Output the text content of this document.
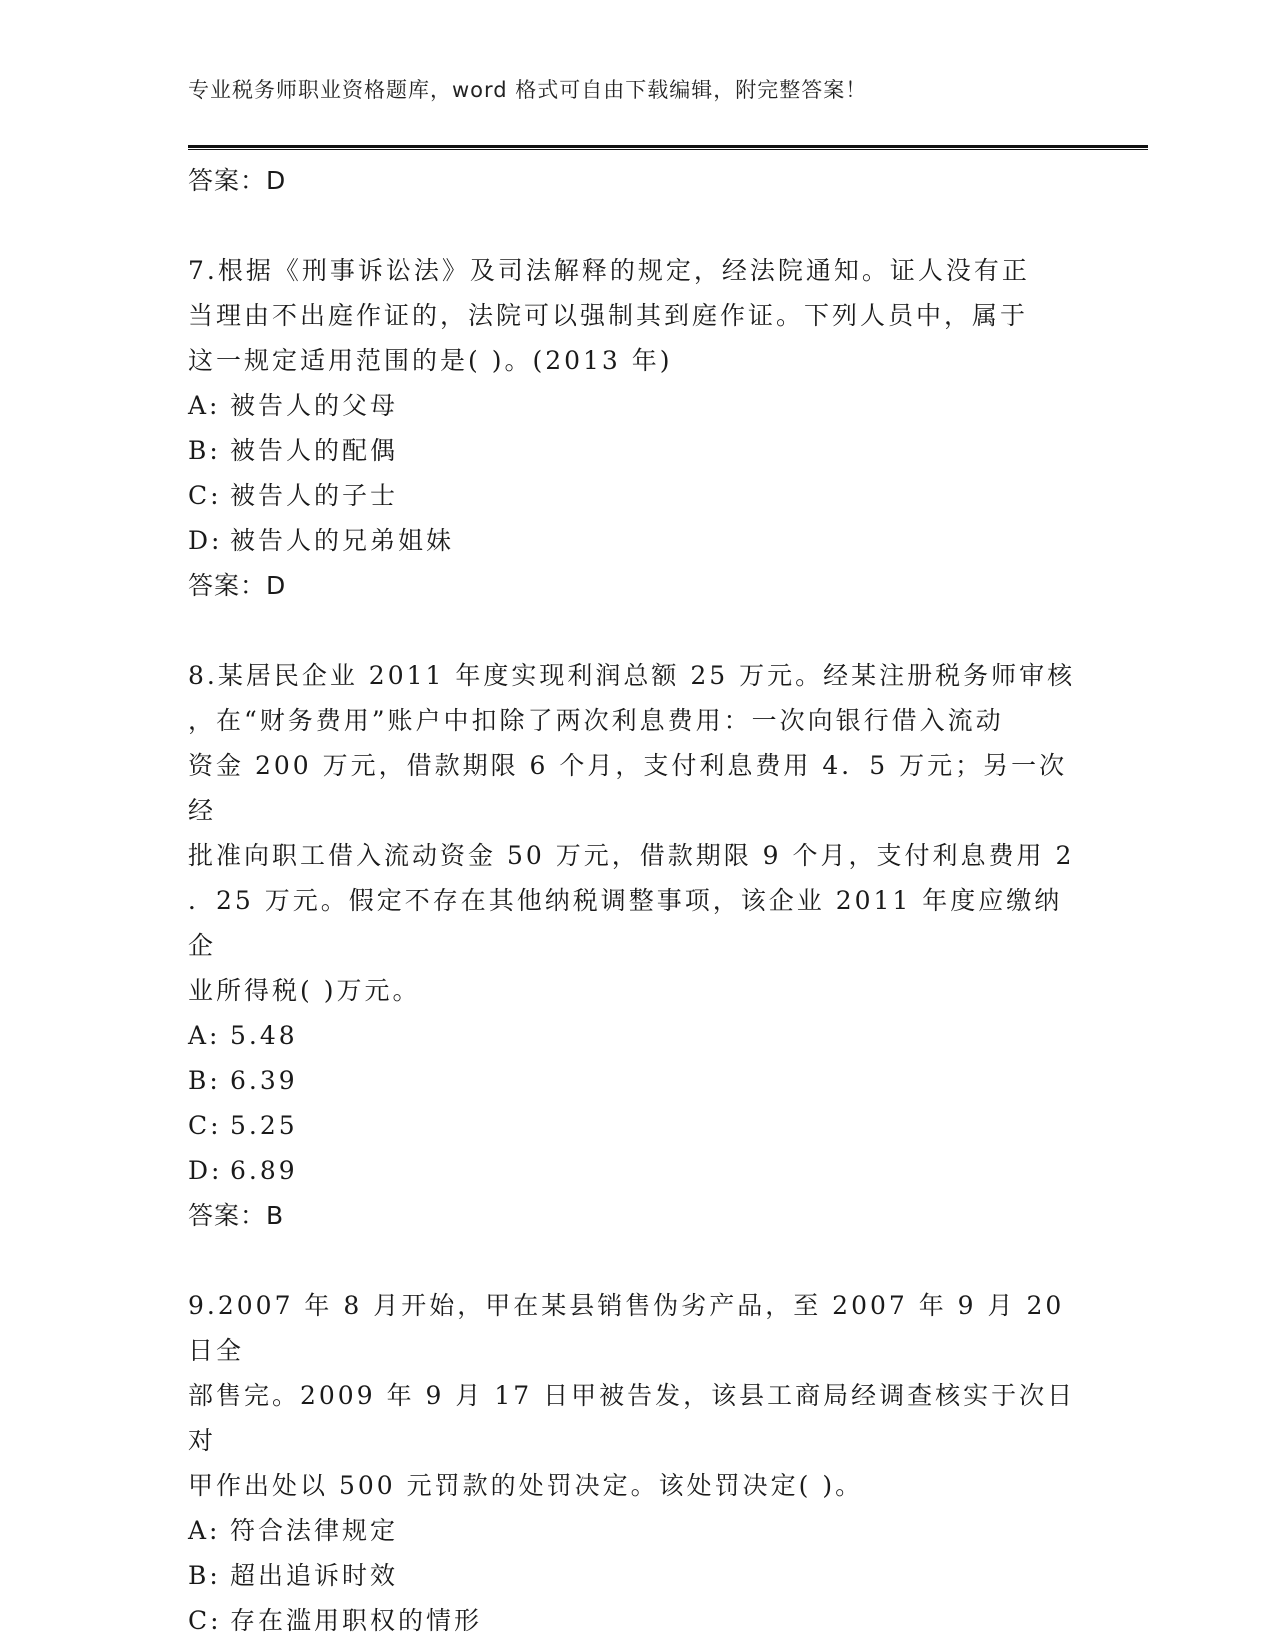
专业税务师职业资格题库，word 格式可自由下载编辑，附完整答案！
答案：D
7.根据《刑事诉讼法》及司法解释的规定，经法院通知。证人没有正
当理由不出庭作证的，法院可以强制其到庭作证。下列人员中，属于
这一规定适用范围的是( )。(2013 年)
A: 被告人的父母
B: 被告人的配偶
C: 被告人的子士
D: 被告人的兄弟姐妹
答案：D
8.某居民企业 2011 年度实现利润总额 25 万元。经某注册税务师审核
，在“财务费用”账户中扣除了两次利息费用：一次向银行借入流动
资金 200 万元，借款期限 6 个月，支付利息费用 4．5 万元；另一次经
批准向职工借入流动资金 50 万元，借款期限 9 个月，支付利息费用 2
．25 万元。假定不存在其他纳税调整事项，该企业 2011 年度应缴纳企
业所得税( )万元。
A: 5.48
B: 6.39
C: 5.25
D: 6.89
答案：B
9.2007 年 8 月开始，甲在某县销售伪劣产品，至 2007 年 9 月 20 日全
部售完。2009 年 9 月 17 日甲被告发，该县工商局经调查核实于次日对
甲作出处以 500 元罚款的处罚决定。该处罚决定( )。
A: 符合法律规定
B: 超出追诉时效
C: 存在滥用职权的情形
